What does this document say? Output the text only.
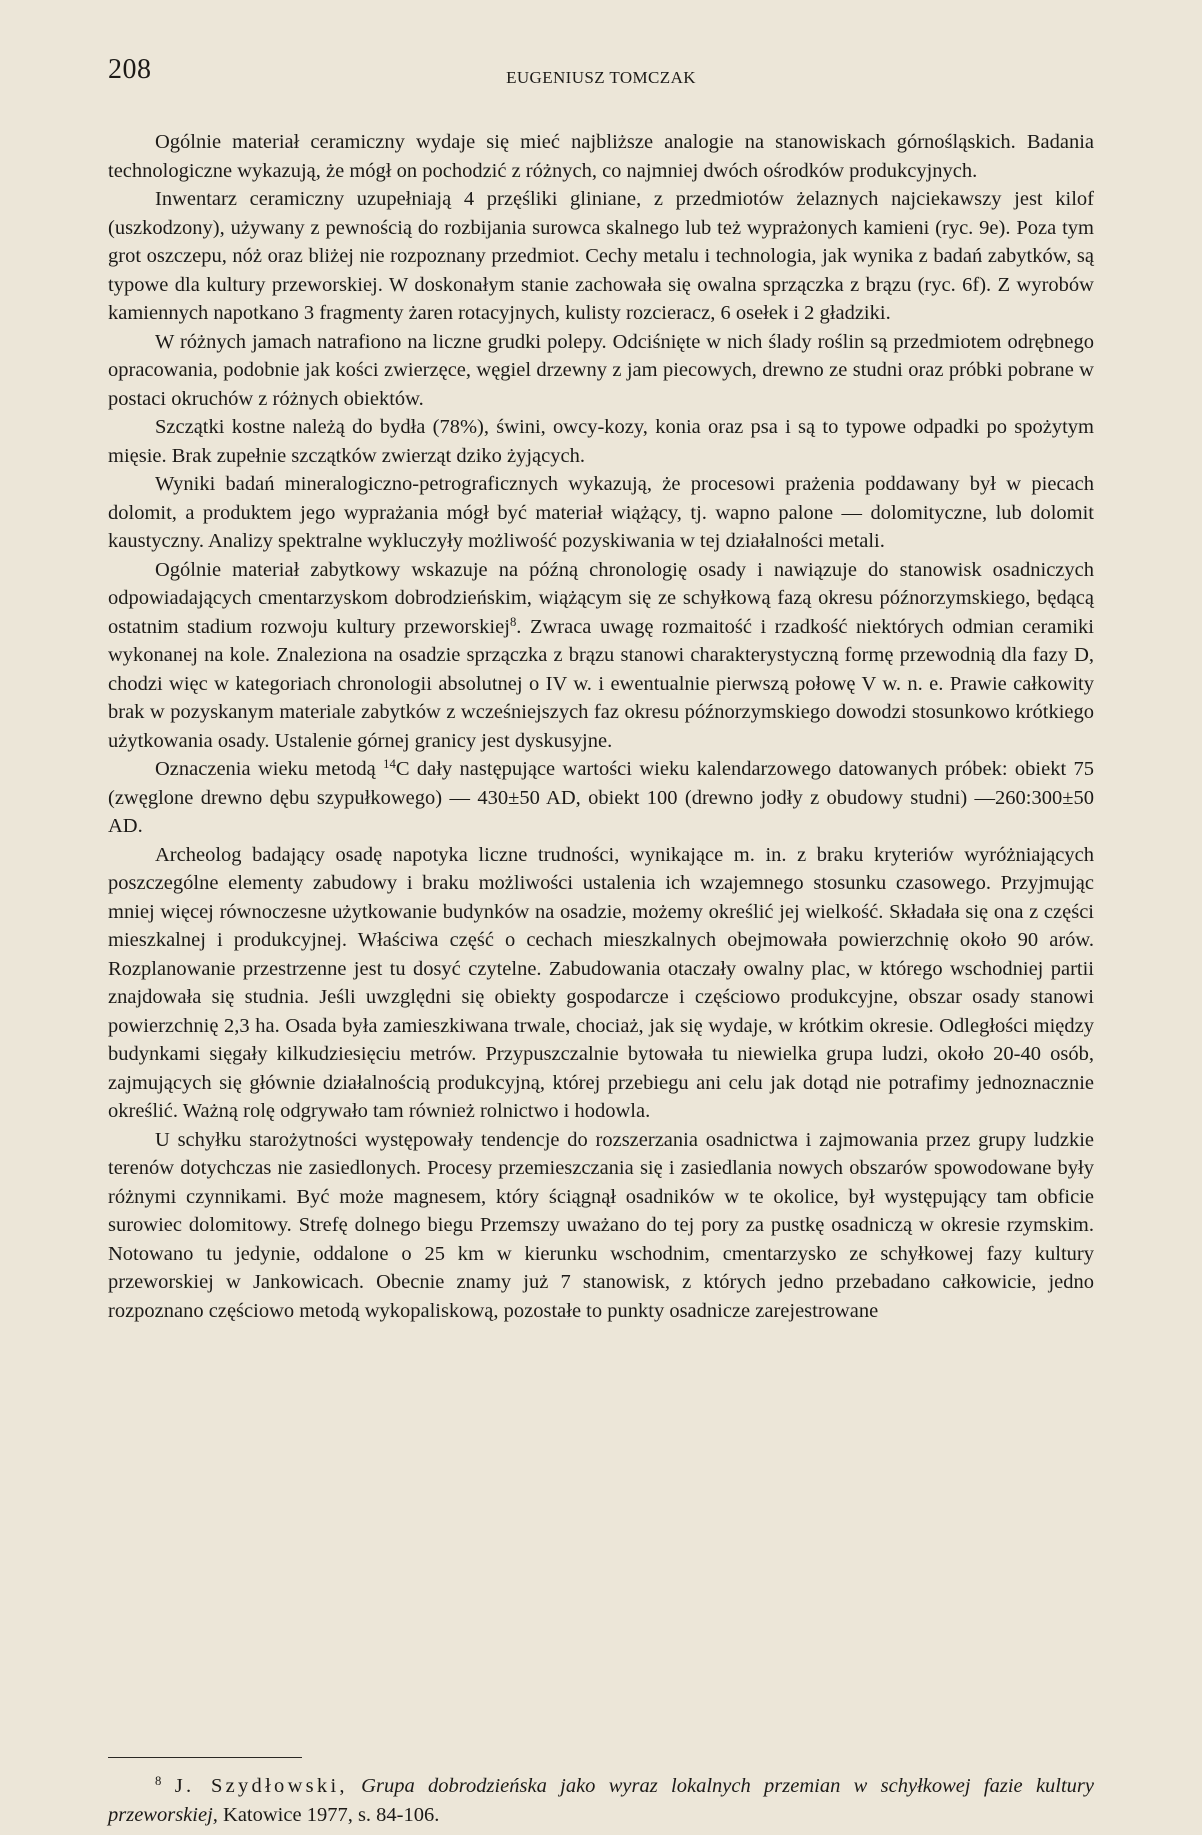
208	EUGENIUSZ TOMCZAK

Ogólnie materiał ceramiczny wydaje się mieć najbliższe analogie na stanowiskach górnośląskich. Badania technologiczne wykazują, że mógł on pochodzić z różnych, co najmniej dwóch ośrodków produkcyjnych.

Inwentarz ceramiczny uzupełniają 4 przęśliki gliniane, z przedmiotów żelaznych najciekawszy jest kilof (uszkodzony), używany z pewnością do rozbijania surowca skalnego lub też wyprażonych kamieni (ryc. 9e). Poza tym grot oszczepu, nóż oraz bliżej nie rozpoznany przedmiot. Cechy metalu i technologia, jak wynika z badań zabytków, są typowe dla kultury przeworskiej. W doskonałym stanie zachowała się owalna sprzączka z brązu (ryc. 6f). Z wyrobów kamiennych napotkano 3 fragmenty żaren rotacyjnych, kulisty rozcieracz, 6 osełek i 2 gładziki.

W różnych jamach natrafiono na liczne grudki polepy. Odciśnięte w nich ślady roślin są przedmiotem odrębnego opracowania, podobnie jak kości zwierzęce, węgiel drzewny z jam piecowych, drewno ze studni oraz próbki pobrane w postaci okruchów z różnych obiektów.

Szczątki kostne należą do bydła (78%), świni, owcy-kozy, konia oraz psa i są to typowe odpadki po spożytym mięsie. Brak zupełnie szczątków zwierząt dziko żyjących.

Wyniki badań mineralogiczno-petrograficznych wykazują, że procesowi prażenia poddawany był w piecach dolomit, a produktem jego wyprażania mógł być materiał wiążący, tj. wapno palone — dolomityczne, lub dolomit kaustyczny. Analizy spektralne wykluczyły możliwość pozyskiwania w tej działalności metali.

Ogólnie materiał zabytkowy wskazuje na późną chronologię osady i nawiązuje do stanowisk osadniczych odpowiadających cmentarzyskom dobrodzieńskim, wiążącym się ze schyłkową fazą okresu późnorzymskiego, będącą ostatnim stadium rozwoju kultury przeworskiej$^8$. Zwraca uwagę rozmaitość i rzadkość niektórych odmian ceramiki wykonanej na kole. Znaleziona na osadzie sprzączka z brązu stanowi charakterystyczną formę przewodnią dla fazy D, chodzi więc w kategoriach chronologii absolutnej o IV w. i ewentualnie pierwszą połowę V w. n. e. Prawie całkowity brak w pozyskanym materiale zabytków z wcześniejszych faz okresu późnorzymskiego dowodzi stosunkowo krótkiego użytkowania osady. Ustalenie górnej granicy jest dyskusyjne.

Oznaczenia wieku metodą $^{14}$C dały następujące wartości wieku kalendarzowego datowanych próbek: obiekt 75 (zwęglone drewno dębu szypułkowego) — 430±50 AD, obiekt 100 (drewno jodły z obudowy studni) —260:300±50 AD.

Archeolog badający osadę napotyka liczne trudności, wynikające m. in. z braku kryteriów wyróżniających poszczególne elementy zabudowy i braku możliwości ustalenia ich wzajemnego stosunku czasowego. Przyjmując mniej więcej równoczesne użytkowanie budynków na osadzie, możemy określić jej wielkość. Składała się ona z części mieszkalnej i produkcyjnej. Właściwa część o cechach mieszkalnych obejmowała powierzchnię około 90 arów. Rozplanowanie przestrzenne jest tu dosyć czytelne. Zabudowania otaczały owalny plac, w którego wschodniej partii znajdowała się studnia. Jeśli uwzględni się obiekty gospodarcze i częściowo produkcyjne, obszar osady stanowi powierzchnię 2,3 ha. Osada była zamieszkiwana trwale, chociaż, jak się wydaje, w krótkim okresie. Odległości między budynkami sięgały kilkudziesięciu metrów. Przypuszczalnie bytowała tu niewielka grupa ludzi, około 20-40 osób, zajmujących się głównie działalnością produkcyjną, której przebiegu ani celu jak dotąd nie potrafimy jednoznacznie określić. Ważną rolę odgrywało tam również rolnictwo i hodowla.

U schyłku starożytności występowały tendencje do rozszerzania osadnictwa i zajmowania przez grupy ludzkie terenów dotychczas nie zasiedlonych. Procesy przemieszczania się i zasiedlania nowych obszarów spowodowane były różnymi czynnikami. Być może magnesem, który ściągnął osadników w te okolice, był występujący tam obficie surowiec dolomitowy. Strefę dolnego biegu Przemszy uważano do tej pory za pustkę osadniczą w okresie rzymskim. Notowano tu jedynie, oddalone o 25 km w kierunku wschodnim, cmentarzysko ze schyłkowej fazy kultury przeworskiej w Jankowicach. Obecnie znamy już 7 stanowisk, z których jedno przebadano całkowicie, jedno rozpoznano częściowo metodą wykopaliskową, pozostałe to punkty osadnicze zarejestrowane

$^8$ J. Szydłowski, Grupa dobrodzieńska jako wyraz lokalnych przemian w schyłkowej fazie kultury przeworskiej, Katowice 1977, s. 84-106.
